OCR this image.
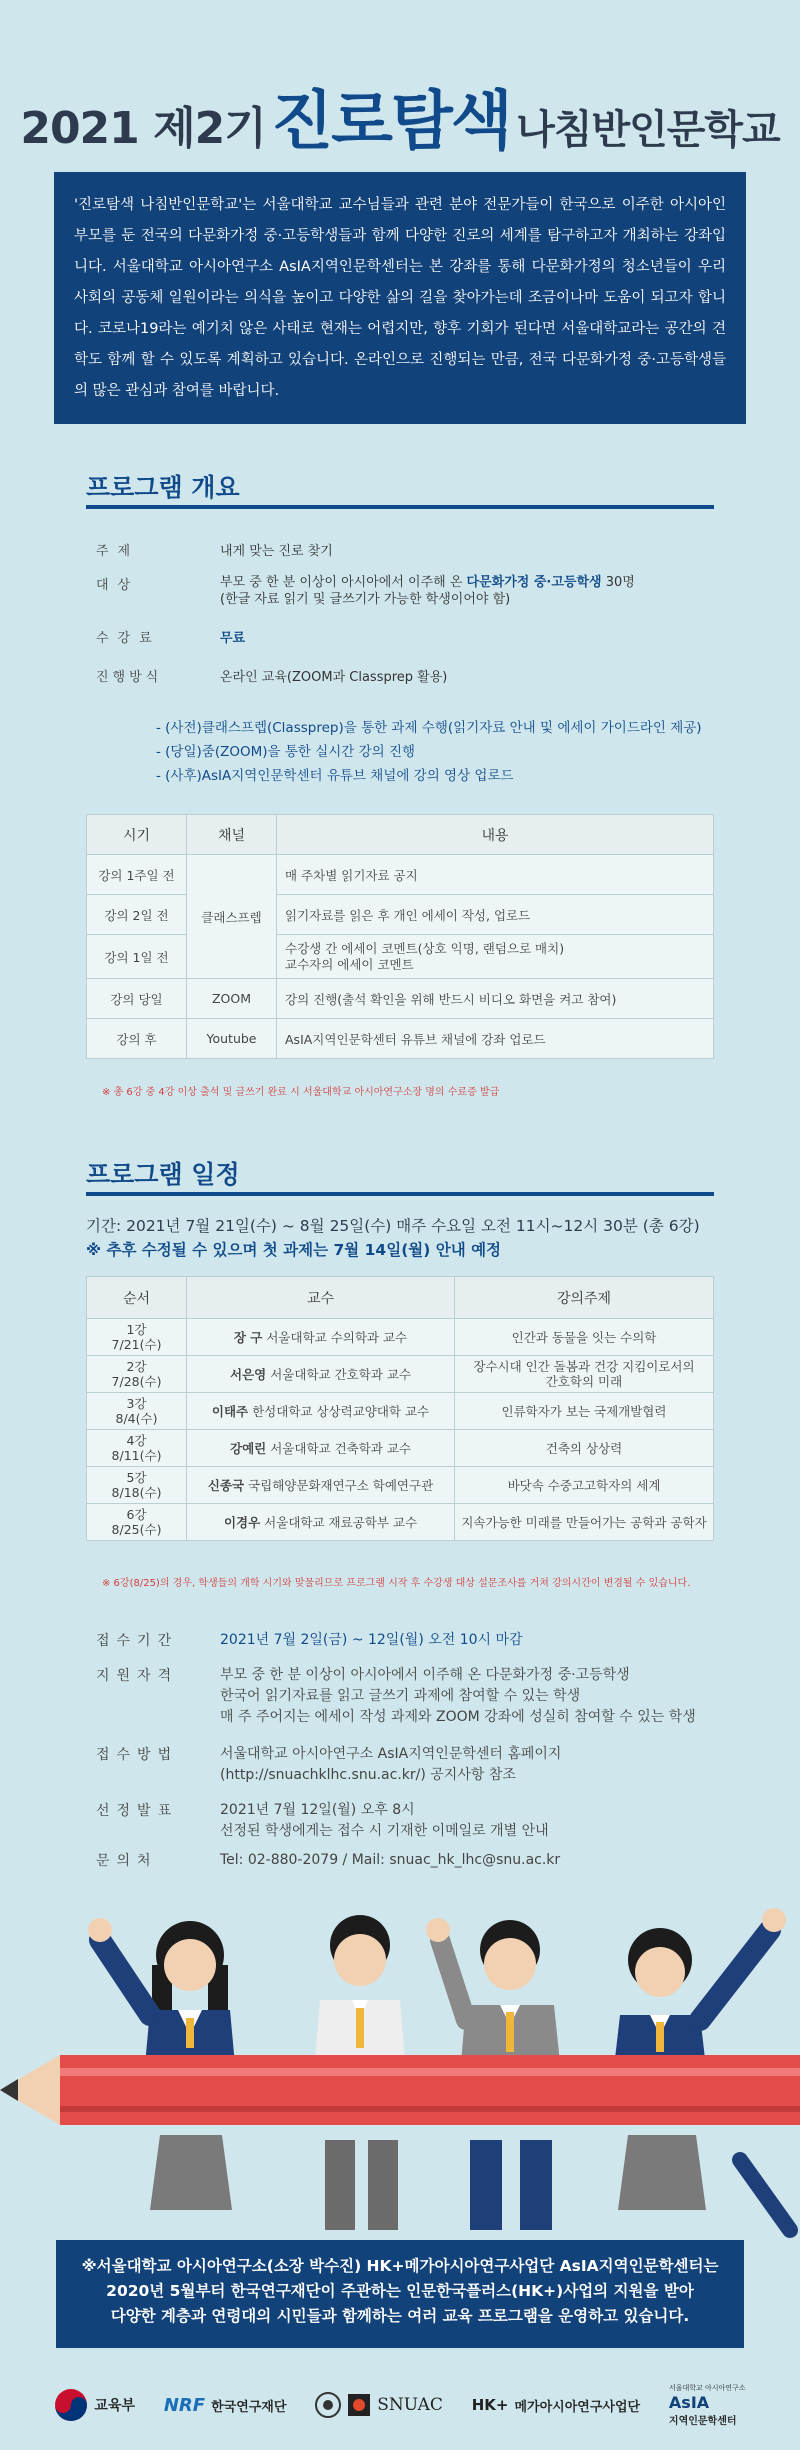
2021 제2기 진로탐색 나침반인문학교
'진로탐색 나침반인문학교'는 서울대학교 교수님들과 관련 분야 전문가들이 한국으로 이주한 아시아인 부모를 둔 전국의 다문화가정 중·고등학생들과 함께 다양한 진로의 세계를 탐구하고자 개최하는 강좌입니다. 서울대학교 아시아연구소 AsIA지역인문학센터는 본 강좌를 통해 다문화가정의 청소년들이 우리 사회의 공동체 일원이라는 의식을 높이고 다양한 삶의 길을 찾아가는데 조금이나마 도움이 되고자 합니다. 코로나19라는 예기치 않은 사태로 현재는 어렵지만, 향후 기회가 된다면 서울대학교라는 공간의 견학도 함께 할 수 있도록 계획하고 있습니다. 온라인으로 진행되는 만큼, 전국 다문화가정 중·고등학생들의 많은 관심과 참여를 바랍니다.
프로그램 개요
주제	내게 맞는 진로 찾기
대상	부모 중 한 분 이상이 아시아에서 이주해 온 다문화가정 중·고등학생 30명
(한글 자료 읽기 및 글쓰기가 가능한 학생이어야 함)
수강료	무료
진행방식	온라인 교육(ZOOM과 Classprep 활용)
- (사전)클래스프렙(Classprep)을 통한 과제 수행(읽기자료 안내 및 에세이 가이드라인 제공)
- (당일)줌(ZOOM)을 통한 실시간 강의 진행
- (사후)AsIA지역인문학센터 유튜브 채널에 강의 영상 업로드
시기	채널	내용
강의 1주일 전	클래스프렙	매 주차별 읽기자료 공지
강의 2일 전		읽기자료를 읽은 후 개인 에세이 작성, 업로드
강의 1일 전		수강생 간 에세이 코멘트(상호 익명, 랜덤으로 매치)
교수자의 에세이 코멘트
강의 당일	ZOOM	강의 진행(출석 확인을 위해 반드시 비디오 화면을 켜고 참여)
강의 후	Youtube	AsIA지역인문학센터 유튜브 채널에 강좌 업로드
※ 총 6강 중 4강 이상 출석 및 글쓰기 완료 시 서울대학교 아시아연구소장 명의 수료증 발급
프로그램 일정
기간: 2021년 7월 21일(수) ~ 8월 25일(수) 매주 수요일 오전 11시~12시 30분 (총 6강)
※ 추후 수정될 수 있으며 첫 과제는 7월 14일(월) 안내 예정
순서	교수	강의주제
1강
7/21(수)	장 구 서울대학교 수의학과 교수	인간과 동물을 잇는 수의학
2강
7/28(수)	서은영 서울대학교 간호학과 교수	장수시대 인간 돌봄과 건강 지킴이로서의
간호학의 미래
3강
8/4(수)	이태주 한성대학교 상상력교양대학 교수	인류학자가 보는 국제개발협력
4강
8/11(수)	강예린 서울대학교 건축학과 교수	건축의 상상력
5강
8/18(수)	신종국 국립해양문화재연구소 학예연구관	바닷속 수중고고학자의 세계
6강
8/25(수)	이경우 서울대학교 재료공학부 교수	지속가능한 미래를 만들어가는 공학과 공학자
※ 6강(8/25)의 경우, 학생들의 개학 시기와 맞물리므로 프로그램 시작 후 수강생 대상 설문조사를 거쳐 강의시간이 변경될 수 있습니다.
접수기간	2021년 7월 2일(금) ~ 12일(월) 오전 10시 마감
지원자격	부모 중 한 분 이상이 아시아에서 이주해 온 다문화가정 중·고등학생
한국어 읽기자료를 읽고 글쓰기 과제에 참여할 수 있는 학생
매 주 주어지는 에세이 작성 과제와 ZOOM 강좌에 성실히 참여할 수 있는 학생
접수방법	서울대학교 아시아연구소 AsIA지역인문학센터 홈페이지
(http://snuachklhc.snu.ac.kr/) 공지사항 참조
선정발표	2021년 7월 12일(월) 오후 8시
선정된 학생에게는 접수 시 기재한 이메일로 개별 안내
문의처	Tel: 02-880-2079 / Mail: snuac_hk_lhc@snu.ac.kr
※서울대학교 아시아연구소(소장 박수진) HK+메가아시아연구사업단 AsIA지역인문학센터는
2020년 5월부터 한국연구재단이 주관하는 인문한국플러스(HK+)사업의 지원을 받아
다양한 계층과 연령대의 시민들과 함께하는 여러 교육 프로그램을 운영하고 있습니다.
교육부 NRF 한국연구재단	SNUAC HK+ 메가아시아연구사업단
서울대학교 아시아연구소
AsIA
지역인문학센터
